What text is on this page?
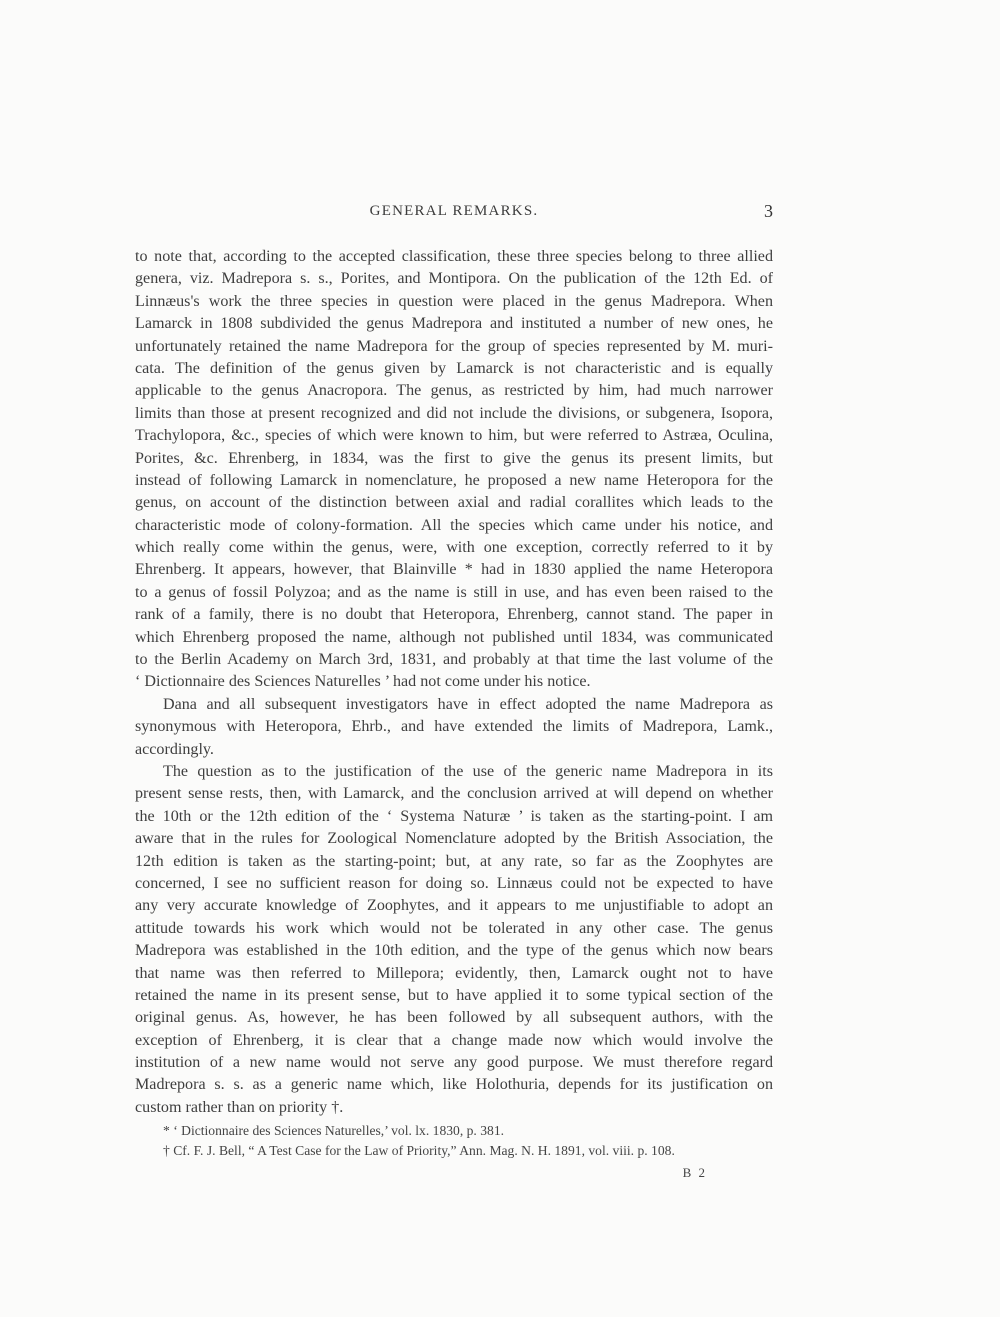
GENERAL REMARKS.	3
to note that, according to the accepted classification, these three species belong to three allied
genera, viz. Madrepora s. s., Porites, and Montipora. On the publication of the 12th Ed. of
Linnæus's work the three species in question were placed in the genus Madrepora. When
Lamarck in 1808 subdivided the genus Madrepora and instituted a number of new ones, he
unfortunately retained the name Madrepora for the group of species represented by M. muri-
cata. The definition of the genus given by Lamarck is not characteristic and is equally
applicable to the genus Anacropora. The genus, as restricted by him, had much narrower
limits than those at present recognized and did not include the divisions, or subgenera, Isopora,
Trachylopora, &c., species of which were known to him, but were referred to Astræa, Oculina,
Porites, &c. Ehrenberg, in 1834, was the first to give the genus its present limits, but
instead of following Lamarck in nomenclature, he proposed a new name Heteropora for the
genus, on account of the distinction between axial and radial corallites which leads to the
characteristic mode of colony-formation. All the species which came under his notice, and
which really come within the genus, were, with one exception, correctly referred to it by
Ehrenberg. It appears, however, that Blainville * had in 1830 applied the name Heteropora
to a genus of fossil Polyzoa; and as the name is still in use, and has even been raised to the
rank of a family, there is no doubt that Heteropora, Ehrenberg, cannot stand. The paper in
which Ehrenberg proposed the name, although not published until 1834, was communicated
to the Berlin Academy on March 3rd, 1831, and probably at that time the last volume of the
‘ Dictionnaire des Sciences Naturelles ’ had not come under his notice.
Dana and all subsequent investigators have in effect adopted the name Madrepora as
synonymous with Heteropora, Ehrb., and have extended the limits of Madrepora, Lamk.,
accordingly.
The question as to the justification of the use of the generic name Madrepora in its
present sense rests, then, with Lamarck, and the conclusion arrived at will depend on whether
the 10th or the 12th edition of the ‘ Systema Naturæ ’ is taken as the starting-point. I am
aware that in the rules for Zoological Nomenclature adopted by the British Association, the
12th edition is taken as the starting-point; but, at any rate, so far as the Zoophytes are
concerned, I see no sufficient reason for doing so. Linnæus could not be expected to have
any very accurate knowledge of Zoophytes, and it appears to me unjustifiable to adopt an
attitude towards his work which would not be tolerated in any other case. The genus
Madrepora was established in the 10th edition, and the type of the genus which now bears
that name was then referred to Millepora; evidently, then, Lamarck ought not to have
retained the name in its present sense, but to have applied it to some typical section of the
original genus. As, however, he has been followed by all subsequent authors, with the
exception of Ehrenberg, it is clear that a change made now which would involve the
institution of a new name would not serve any good purpose. We must therefore regard
Madrepora s. s. as a generic name which, like Holothuria, depends for its justification on
custom rather than on priority †.
* ‘ Dictionnaire des Sciences Naturelles,’ vol. lx. 1830, p. 381.
† Cf. F. J. Bell, “ A Test Case for the Law of Priority,” Ann. Mag. N. H. 1891, vol. viii. p. 108.
B 2
